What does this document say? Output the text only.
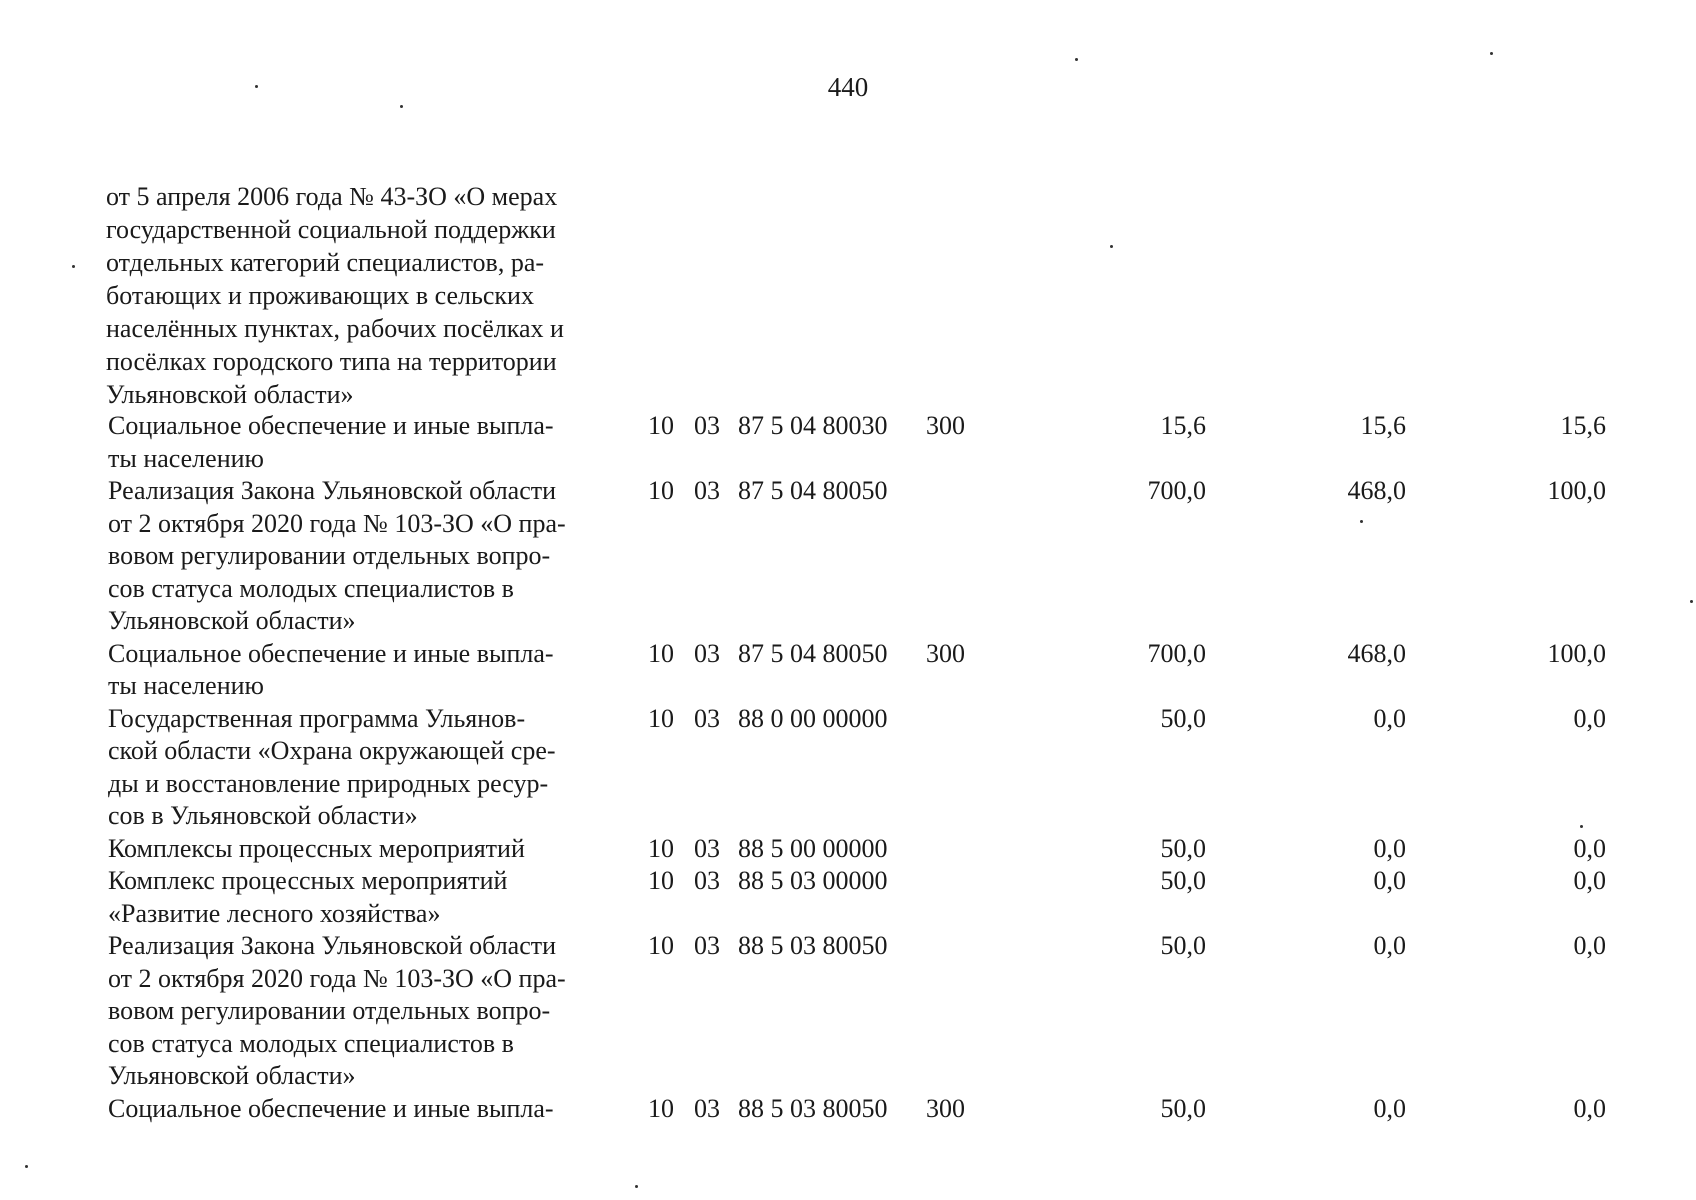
440
от 5 апреля 2006 года № 43-ЗО «О мерах
государственной социальной поддержки
отдельных категорий специалистов, ра-
ботающих и проживающих в сельских
населённых пунктах, рабочих посёлках и
посёлках городского типа на территории
Ульяновской области»
Социальное обеспечение и иные выпла-
ты населению
10 03 87 5 04 80030	300	15,6	15,6	15,6
Реализация Закона Ульяновской области
от 2 октября 2020 года № 103-ЗО «О пра-
вовом регулировании отдельных вопро-
сов статуса молодых специалистов в
Ульяновской области»
10 03 87 5 04 80050	700,0	468,0	100,0
Социальное обеспечение и иные выпла-
ты населению
10 03 87 5 04 80050	300	700,0	468,0	100,0
Государственная программа Ульянов-
ской области «Охрана окружающей сре-
ды и восстановление природных ресур-
сов в Ульяновской области»
10 03 88 0 00 00000	50,0	0,0	0,0
Комплексы процессных мероприятий	10 03 88 5 00 00000	50,0	0,0	0,0
Комплекс процессных мероприятий
«Развитие лесного хозяйства»
10 03 88 5 03 00000	50,0	0,0	0,0
Реализация Закона Ульяновской области
от 2 октября 2020 года № 103-ЗО «О пра-
вовом регулировании отдельных вопро-
сов статуса молодых специалистов в
Ульяновской области»
10 03 88 5 03 80050	50,0	0,0	0,0
Социальное обеспечение и иные выпла-	10 03 88 5 03 80050	300	50,0	0,0	0,0
